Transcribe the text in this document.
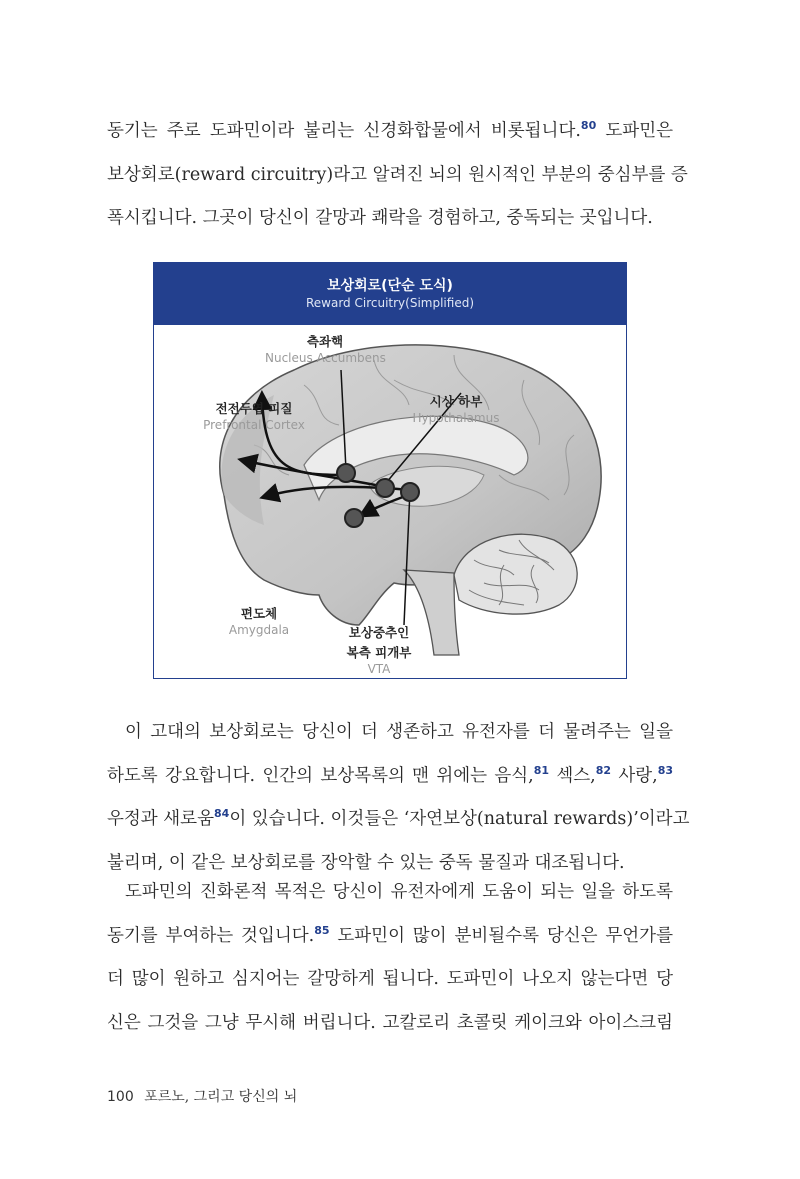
동기는 주로 도파민이라 불리는 신경화합물에서 비롯됩니다.$^{80}$ 도파민은
보상회로(reward circuitry)라고 알려진 뇌의 원시적인 부분의 중심부를 증
폭시킵니다. 그곳이 당신이 갈망과 쾌락을 경험하고, 중독되는 곳입니다.
보상회로(단순 도식)
Reward Circuitry(Simplified)
측좌핵
Nucleus Accumbens
전전두엽 피질
Prefrontal Cortex
시상 하부
Hypothalamus
편도체
Amygdala	보상중추인
복측 피개부
VTA
이 고대의 보상회로는 당신이 더 생존하고 유전자를 더 물려주는 일을
하도록 강요합니다. 인간의 보상목록의 맨 위에는 음식,$^{81}$ 섹스,$^{82}$ 사랑,$^{83}$
우정과 새로움$^{84}$이 있습니다. 이것들은 ‘자연보상(natural rewards)’이라고
불리며, 이 같은 보상회로를 장악할 수 있는 중독 물질과 대조됩니다.
도파민의 진화론적 목적은 당신이 유전자에게 도움이 되는 일을 하도록
동기를 부여하는 것입니다.$^{85}$ 도파민이 많이 분비될수록 당신은 무언가를
더 많이 원하고 심지어는 갈망하게 됩니다. 도파민이 나오지 않는다면 당
신은 그것을 그냥 무시해 버립니다. 고칼로리 초콜릿 케이크와 아이스크림
100 포르노, 그리고 당신의 뇌
